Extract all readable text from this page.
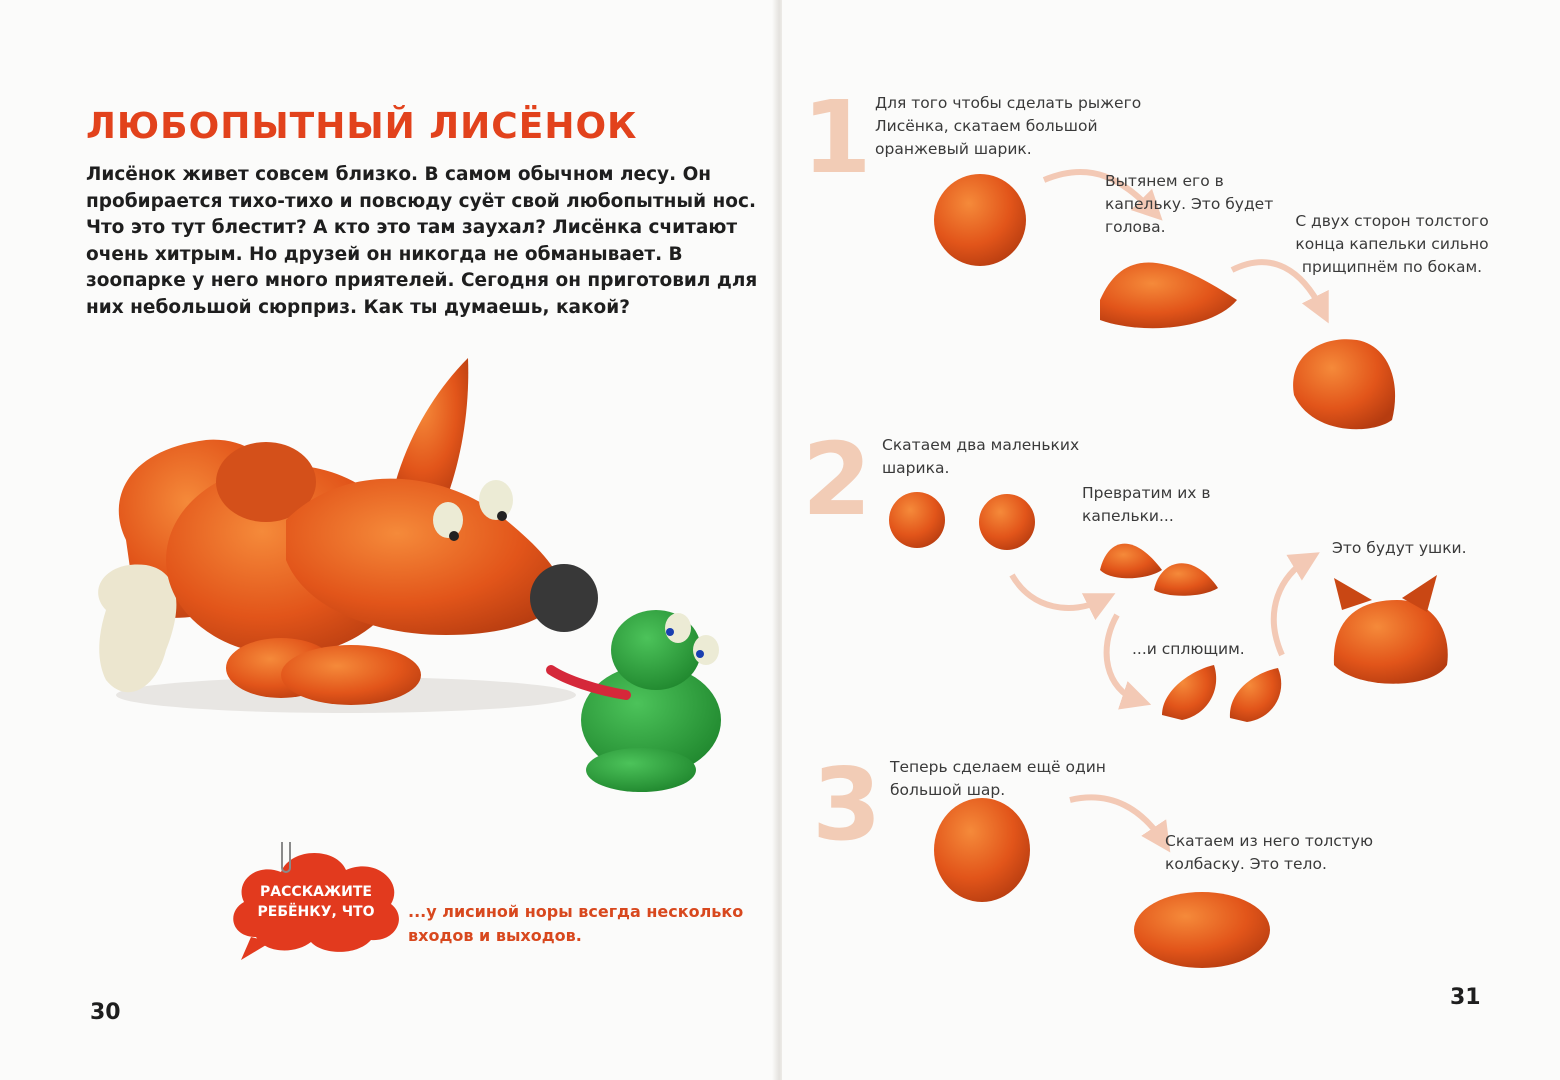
ЛЮБОПЫТНЫЙ ЛИСЁНОК

Лисёнок живет совсем близко. В самом обычном лесу. Он пробирается тихо-тихо и повсюду суёт свой любопытный нос. Что это тут блестит? А кто это там заухал? Лисёнка считают очень хитрым. Но друзей он никогда не обманывает. В зоопарке у него много приятелей. Сегодня он приготовил для них небольшой сюрприз. Как ты думаешь, какой?

РАССКАЖИТЕ
РЕБЁНКУ, ЧТО	...у лисиной норы всегда несколько входов и выходов.

30
1 Для того чтобы сделать рыжего Лисёнка, скатаем большой оранжевый шарик.

Вытянем его в капельку. Это будет голова.	С двух сторон толстого конца капельки сильно прищипнём по бокам.

2 Скатаем два маленьких шарика.

Превратим их в капельки...

...и сплющим.

Это будут ушки.

3 Теперь сделаем ещё один большой шар.

Скатаем из него толстую колбаску. Это тело.

31
